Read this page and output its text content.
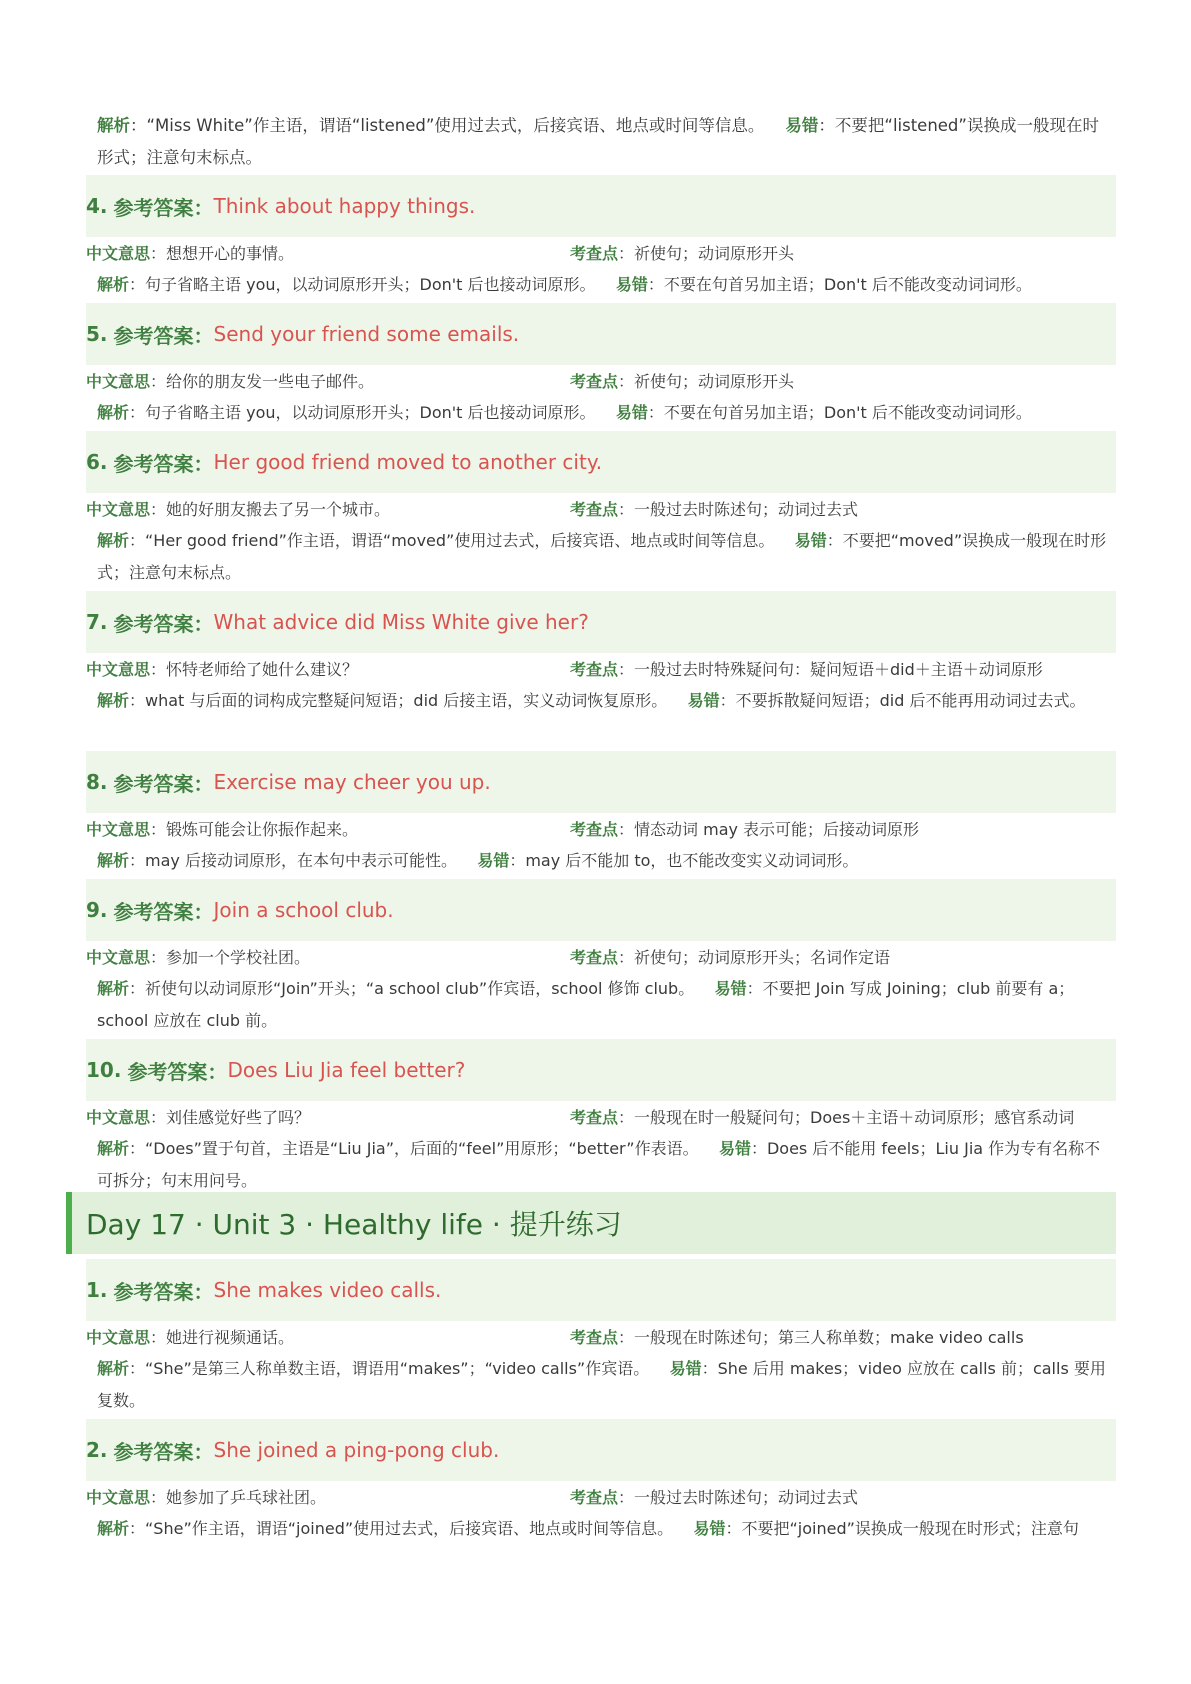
解析：“Miss White”作主语，谓语“listened”使用过去式，后接宾语、地点或时间等信息。 易错：不要把“listened”误换成一般现在时形式；注意句末标点。

4. 参考答案： Think about happy things.
中文意思：想想开心的事情。	考查点：祈使句；动词原形开头
解析：句子省略主语 you，以动词原形开头；Don't 后也接动词原形。 易错：不要在句首另加主语；Don't 后不能改变动词词形。
5. 参考答案： Send your friend some emails.
中文意思：给你的朋友发一些电子邮件。	考查点：祈使句；动词原形开头
解析：句子省略主语 you，以动词原形开头；Don't 后也接动词原形。 易错：不要在句首另加主语；Don't 后不能改变动词词形。
6. 参考答案： Her good friend moved to another city.
中文意思：她的好朋友搬去了另一个城市。	考查点：一般过去时陈述句；动词过去式
解析：“Her good friend”作主语，谓语“moved”使用过去式，后接宾语、地点或时间等信息。 易错：不要把“moved”误换成一般现在时形式；注意句末标点。
7. 参考答案： What advice did Miss White give her?
中文意思：怀特老师给了她什么建议？	考查点：一般过去时特殊疑问句：疑问短语＋did＋主语＋动词原形
解析：what 与后面的词构成完整疑问短语；did 后接主语，实义动词恢复原形。 易错：不要拆散疑问短语；did 后不能再用动词过去式。
8. 参考答案： Exercise may cheer you up.
中文意思：锻炼可能会让你振作起来。	考查点：情态动词 may 表示可能；后接动词原形
解析：may 后接动词原形，在本句中表示可能性。 易错：may 后不能加 to，也不能改变实义动词词形。
9. 参考答案： Join a school club.
中文意思：参加一个学校社团。	考查点：祈使句；动词原形开头；名词作定语
解析：祈使句以动词原形“Join”开头；“a school club”作宾语，school 修饰 club。 易错：不要把 Join 写成 Joining；club 前要有 a；school 应放在 club 前。
10. 参考答案： Does Liu Jia feel better?
中文意思：刘佳感觉好些了吗？	考查点：一般现在时一般疑问句；Does＋主语＋动词原形；感官系动词
解析：“Does”置于句首，主语是“Liu Jia”，后面的“feel”用原形；“better”作表语。 易错：Does 后不能用 feels；Liu Jia 作为专有名称不可拆分；句末用问号。
Day 17 · Unit 3 · Healthy life · 提升练习
1. 参考答案： She makes video calls.
中文意思：她进行视频通话。	考查点：一般现在时陈述句；第三人称单数；make video calls
解析：“She”是第三人称单数主语，谓语用“makes”；“video calls”作宾语。 易错：She 后用 makes；video 应放在 calls 前；calls 要用复数。
2. 参考答案： She joined a ping-pong club.
中文意思：她参加了乒乓球社团。	考查点：一般过去时陈述句；动词过去式
解析：“She”作主语，谓语“joined”使用过去式，后接宾语、地点或时间等信息。 易错：不要把“joined”误换成一般现在时形式；注意句
